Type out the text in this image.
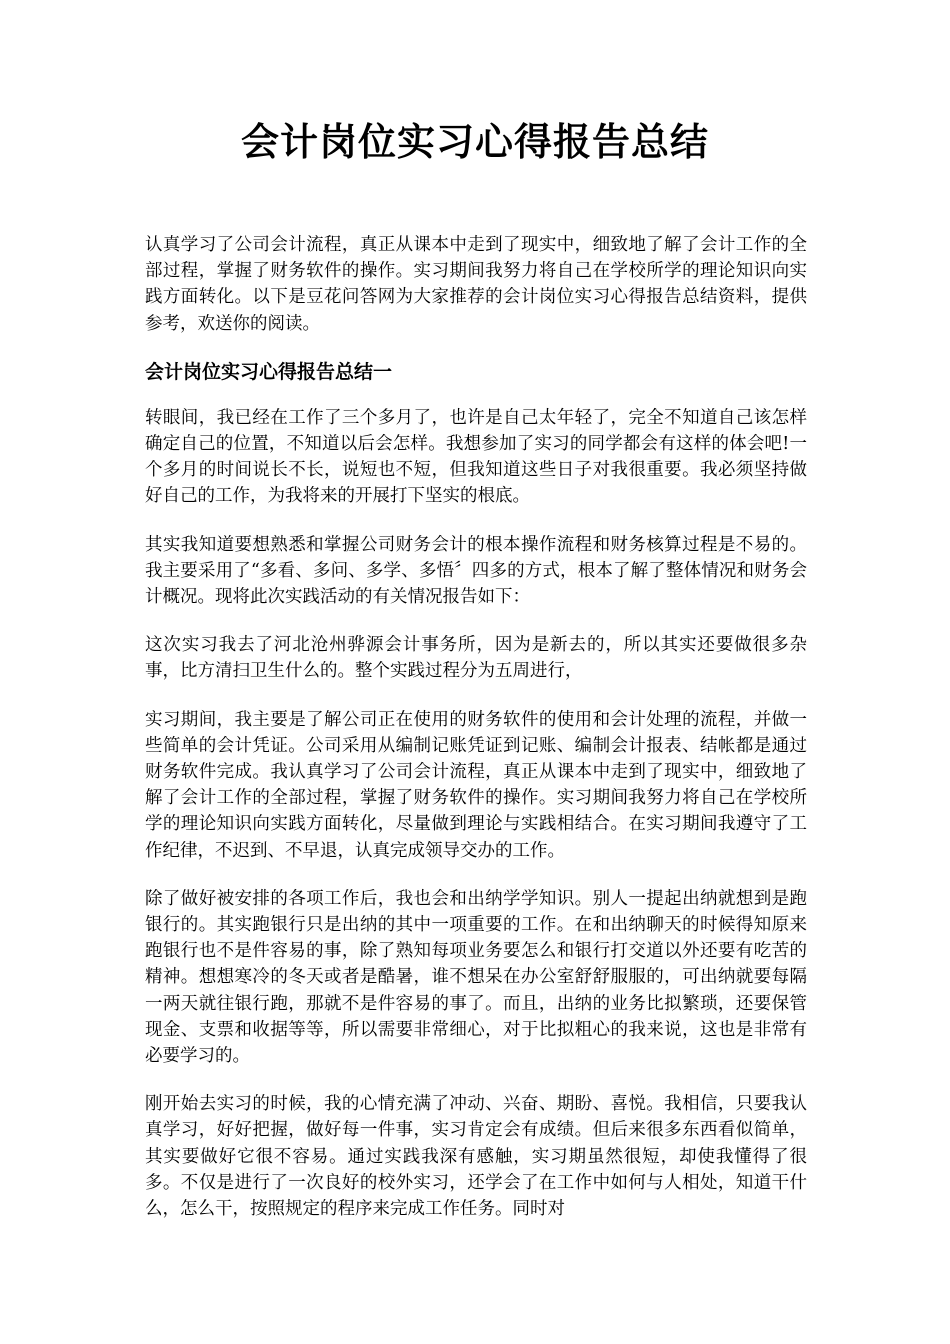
会计岗位实习心得报告总结

认真学习了公司会计流程，真正从课本中走到了现实中，细致地了解了会计工作的全部过程，掌握了财务软件的操作。实习期间我努力将自己在学校所学的理论知识向实践方面转化。以下是豆花问答网为大家推荐的会计岗位实习心得报告总结资料，提供参考，欢送你的阅读。

会计岗位实习心得报告总结一

转眼间，我已经在工作了三个多月了，也许是自己太年轻了，完全不知道自己该怎样确定自己的位置，不知道以后会怎样。我想参加了实习的同学都会有这样的体会吧!一个多月的时间说长不长，说短也不短，但我知道这些日子对我很重要。我必须坚持做好自己的工作，为我将来的开展打下坚实的根底。

其实我知道要想熟悉和掌握公司财务会计的根本操作流程和财务核算过程是不易的。我主要采用了“多看、多问、多学、多悟〞四多的方式，根本了解了整体情况和财务会计概况。现将此次实践活动的有关情况报告如下：

这次实习我去了河北沧州骅源会计事务所，因为是新去的，所以其实还要做很多杂事，比方清扫卫生什么的。整个实践过程分为五周进行，

实习期间，我主要是了解公司正在使用的财务软件的使用和会计处理的流程，并做一些简单的会计凭证。公司采用从编制记账凭证到记账、编制会计报表、结帐都是通过财务软件完成。我认真学习了公司会计流程，真正从课本中走到了现实中，细致地了解了会计工作的全部过程，掌握了财务软件的操作。实习期间我努力将自己在学校所学的理论知识向实践方面转化，尽量做到理论与实践相结合。在实习期间我遵守了工作纪律，不迟到、不早退，认真完成领导交办的工作。

除了做好被安排的各项工作后，我也会和出纳学学知识。别人一提起出纳就想到是跑银行的。其实跑银行只是出纳的其中一项重要的工作。在和出纳聊天的时候得知原来跑银行也不是件容易的事，除了熟知每项业务要怎么和银行打交道以外还要有吃苦的精神。想想寒冷的冬天或者是酷暑，谁不想呆在办公室舒舒服服的，可出纳就要每隔一两天就往银行跑，那就不是件容易的事了。而且，出纳的业务比拟繁琐，还要保管现金、支票和收据等等，所以需要非常细心，对于比拟粗心的我来说，这也是非常有必要学习的。

刚开始去实习的时候，我的心情充满了冲动、兴奋、期盼、喜悦。我相信，只要我认真学习，好好把握，做好每一件事，实习肯定会有成绩。但后来很多东西看似简单，其实要做好它很不容易。通过实践我深有感触，实习期虽然很短，却使我懂得了很多。不仅是进行了一次良好的校外实习，还学会了在工作中如何与人相处，知道干什么，怎么干，按照规定的程序来完成工作任务。同时对
